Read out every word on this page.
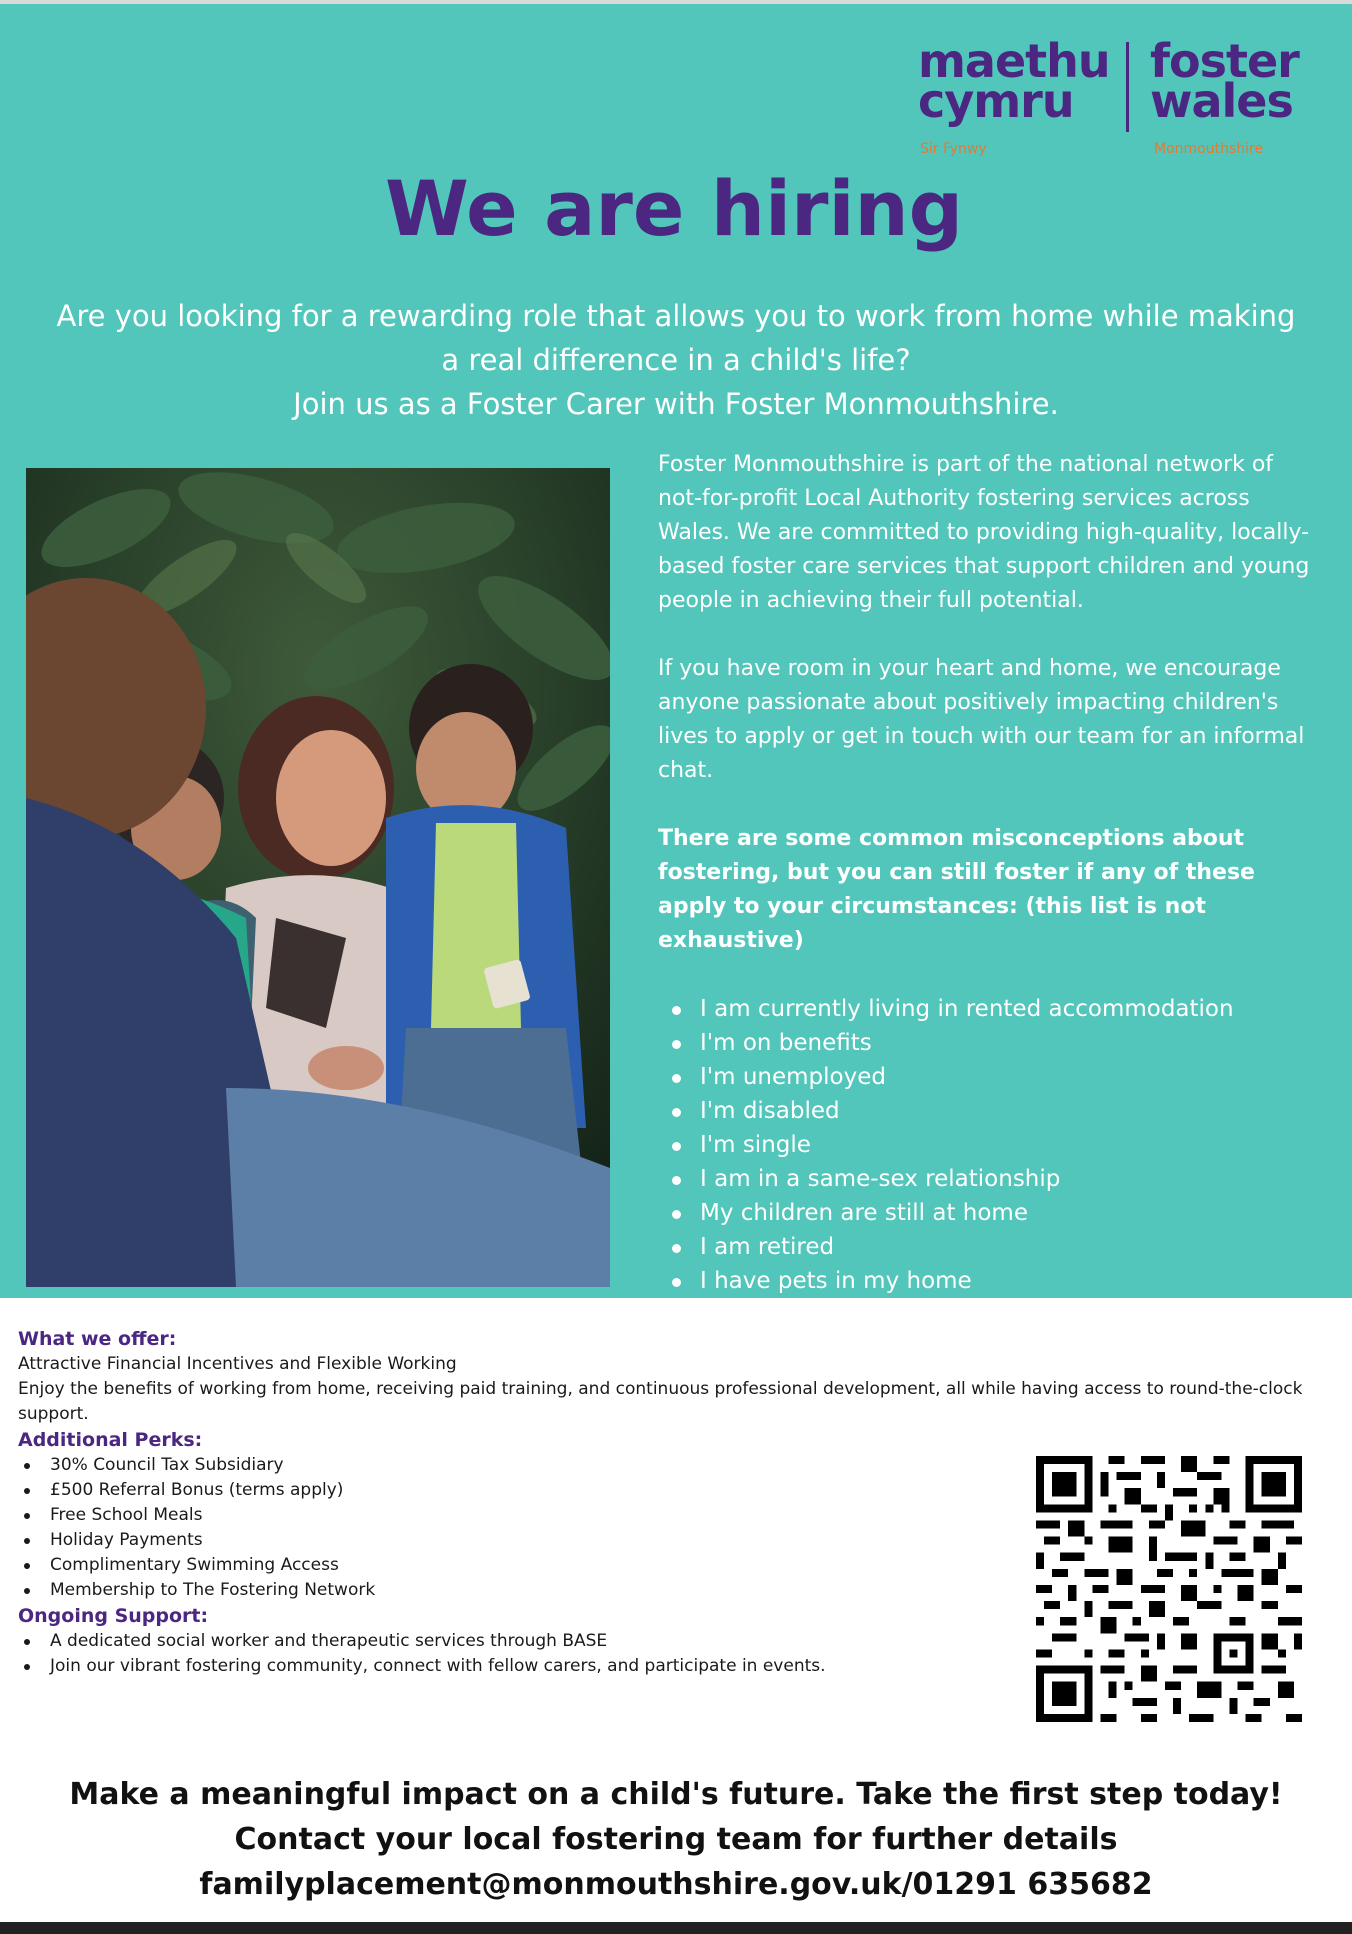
maethu
cymru
foster
wales
Sir Fynwy	Monmouthshire
We are hiring
Are you looking for a rewarding role that allows you to work from home while making
a real difference in a child's life?
Join us as a Foster Carer with Foster Monmouthshire.

Foster Monmouthshire is part of the national network of not-for-profit Local Authority fostering services across Wales. We are committed to providing high-quality, locally-based foster care services that support children and young people in achieving their full potential.

If you have room in your heart and home, we encourage anyone passionate about positively impacting children's lives to apply or get in touch with our team for an informal chat.

There are some common misconceptions about fostering, but you can still foster if any of these apply to your circumstances: (this list is not exhaustive)

I am currently living in rented accommodation
I'm on benefits
I'm unemployed
I'm disabled
I'm single
I am in a same-sex relationship
My children are still at home
I am retired
I have pets in my home
What we offer:
Attractive Financial Incentives and Flexible Working
Enjoy the benefits of working from home, receiving paid training, and continuous professional development, all while having access to round-the-clock support.
Additional Perks:
30% Council Tax Subsidiary
£500 Referral Bonus (terms apply)
Free School Meals
Holiday Payments
Complimentary Swimming Access
Membership to The Fostering Network
Ongoing Support:
A dedicated social worker and therapeutic services through BASE
Join our vibrant fostering community, connect with fellow carers, and participate in events.
Make a meaningful impact on a child's future. Take the first step today!
Contact your local fostering team for further details
familyplacement@monmouthshire.gov.uk/01291 635682
